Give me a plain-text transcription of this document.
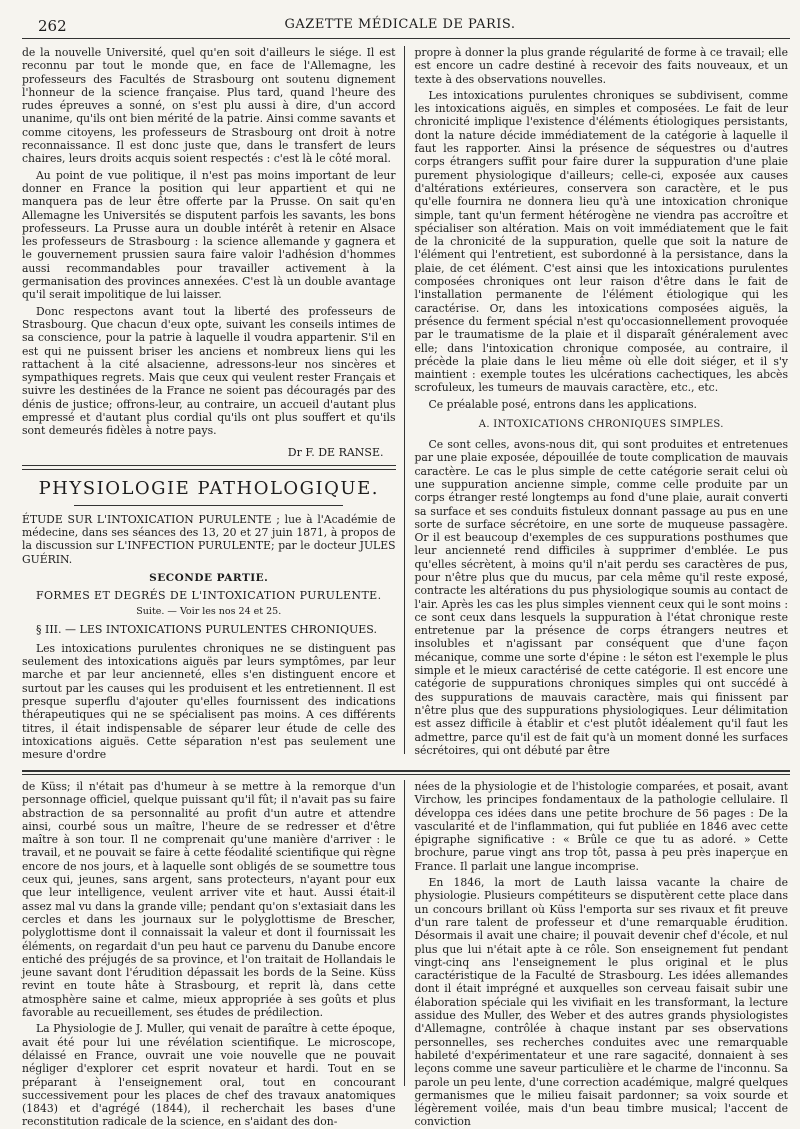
262	GAZETTE MÉDICALE DE PARIS.

de la nouvelle Université, quel qu'en soit d'ailleurs le siége. Il est reconnu par tout le monde que, en face de l'Allemagne, les professeurs des Facultés de Strasbourg ont soutenu dignement l'honneur de la science française. Plus tard, quand l'heure des rudes épreuves a sonné, on s'est plu aussi à dire, d'un accord unanime, qu'ils ont bien mérité de la patrie. Ainsi comme savants et comme citoyens, les professeurs de Strasbourg ont droit à notre reconnaissance. Il est donc juste que, dans le transfert de leurs chaires, leurs droits acquis soient respectés : c'est là le côté moral.

Au point de vue politique, il n'est pas moins important de leur donner en France la position qui leur appartient et qui ne manquera pas de leur être offerte par la Prusse. On sait qu'en Allemagne les Universités se disputent parfois les savants, les bons professeurs. La Prusse aura un double intérêt à retenir en Alsace les professeurs de Strasbourg : la science allemande y gagnera et le gouvernement prussien saura faire valoir l'adhésion d'hommes aussi recommandables pour travailler activement à la germanisation des provinces annexées. C'est là un double avantage qu'il serait impolitique de lui laisser.

Donc respectons avant tout la liberté des professeurs de Strasbourg. Que chacun d'eux opte, suivant les conseils intimes de sa conscience, pour la patrie à laquelle il voudra appartenir. S'il en est qui ne puissent briser les anciens et nombreux liens qui les rattachent à la cité alsacienne, adressons-leur nos sincères et sympathiques regrets. Mais que ceux qui veulent rester Français et suivre les destinées de la France ne soient pas découragés par des dénis de justice; offrons-leur, au contraire, un accueil d'autant plus empressé et d'autant plus cordial qu'ils ont plus souffert et qu'ils sont demeurés fidèles à notre pays.

Dr F. DE RANSE.
PHYSIOLOGIE PATHOLOGIQUE.

ÉTUDE SUR L'INTOXICATION PURULENTE ; lue à l'Académie de médecine, dans ses séances des 13, 20 et 27 juin 1871, à propos de la discussion sur L'INFECTION PURULENTE; par le docteur JULES GUÉRIN.

SECONDE PARTIE.
FORMES ET DEGRÉS DE L'INTOXICATION PURULENTE.
Suite. — Voir les nos 24 et 25.
§ III. — LES INTOXICATIONS PURULENTES CHRONIQUES.

Les intoxications purulentes chroniques ne se distinguent pas seulement des intoxications aiguës par leurs symptômes, par leur marche et par leur ancienneté, elles s'en distinguent encore et surtout par les causes qui les produisent et les entretiennent. Il est presque superflu d'ajouter qu'elles fournissent des indications thérapeutiques qui ne se spécialisent pas moins. A ces différents titres, il était indispensable de séparer leur étude de celle des intoxications aiguës. Cette séparation n'est pas seulement une mesure d'ordre

propre à donner la plus grande régularité de forme à ce travail; elle est encore un cadre destiné à recevoir des faits nouveaux, et un texte à des observations nouvelles.

Les intoxications purulentes chroniques se subdivisent, comme les intoxications aiguës, en simples et composées. Le fait de leur chronicité implique l'existence d'éléments étiologiques persistants, dont la nature décide immédiatement de la catégorie à laquelle il faut les rapporter. Ainsi la présence de séquestres ou d'autres corps étrangers suffit pour faire durer la suppuration d'une plaie purement physiologique d'ailleurs; celle-ci, exposée aux causes d'altérations extérieures, conservera son caractère, et le pus qu'elle fournira ne donnera lieu qu'à une intoxication chronique simple, tant qu'un ferment hétérogène ne viendra pas accroître et spécialiser son altération. Mais on voit immédiatement que le fait de la chronicité de la suppuration, quelle que soit la nature de l'élément qui l'entretient, est subordonné à la persistance, dans la plaie, de cet élément. C'est ainsi que les intoxications purulentes composées chroniques ont leur raison d'être dans le fait de l'installation permanente de l'élément étiologique qui les caractérise. Or, dans les intoxications composées aiguës, la présence du ferment spécial n'est qu'occasionnellement provoquée par le traumatisme de la plaie et il disparaît généralement avec elle; dans l'intoxication chronique composée, au contraire, il précède la plaie dans le lieu même où elle doit siéger, et il s'y maintient : exemple toutes les ulcérations cachectiques, les abcès scrofuleux, les tumeurs de mauvais caractère, etc., etc.

Ce préalable posé, entrons dans les applications.

A. INTOXICATIONS CHRONIQUES SIMPLES.

Ce sont celles, avons-nous dit, qui sont produites et entretenues par une plaie exposée, dépouillée de toute complication de mauvais caractère. Le cas le plus simple de cette catégorie serait celui où une suppuration ancienne simple, comme celle produite par un corps étranger resté longtemps au fond d'une plaie, aurait converti sa surface et ses conduits fistuleux donnant passage au pus en une sorte de surface sécrétoire, en une sorte de muqueuse passagère. Or il est beaucoup d'exemples de ces suppurations posthumes que leur ancienneté rend difficiles à supprimer d'emblée. Le pus qu'elles sécrètent, à moins qu'il n'ait perdu ses caractères de pus, pour n'être plus que du mucus, par cela même qu'il reste exposé, contracte les altérations du pus physiologique soumis au contact de l'air. Après les cas les plus simples viennent ceux qui le sont moins : ce sont ceux dans lesquels la suppuration à l'état chronique reste entretenue par la présence de corps étrangers neutres et insolubles et n'agissant par conséquent que d'une façon mécanique, comme une sorte d'épine : le séton est l'exemple le plus simple et le mieux caractérisé de cette catégorie. Il est encore une catégorie de suppurations chroniques simples qui ont succédé à des suppurations de mauvais caractère, mais qui finissent par n'être plus que des suppurations physiologiques. Leur délimitation est assez difficile à établir et c'est plutôt idéalement qu'il faut les admettre, parce qu'il est de fait qu'à un moment donné les surfaces sécrétoires, qui ont débuté par être

de Küss; il n'était pas d'humeur à se mettre à la remorque d'un personnage officiel, quelque puissant qu'il fût; il n'avait pas su faire abstraction de sa personnalité au profit d'un autre et attendre ainsi, courbé sous un maître, l'heure de se redresser et d'être maître à son tour. Il ne comprenait qu'une manière d'arriver : le travail, et ne pouvait se faire à cette féodalité scientifique qui règne encore de nos jours, et à laquelle sont obligés de se soumettre tous ceux qui, jeunes, sans argent, sans protecteurs, n'ayant pour eux que leur intelligence, veulent arriver vite et haut. Aussi était-il assez mal vu dans la grande ville; pendant qu'on s'extasiait dans les cercles et dans les journaux sur le polyglottisme de Brescher, polyglottisme dont il connaissait la valeur et dont il fournissait les éléments, on regardait d'un peu haut ce parvenu du Danube encore entiché des préjugés de sa province, et l'on traitait de Hollandais le jeune savant dont l'érudition dépassait les bords de la Seine. Küss revint en toute hâte à Strasbourg, et reprit là, dans cette atmosphère saine et calme, mieux appropriée à ses goûts et plus favorable au recueillement, ses études de prédilection.

La Physiologie de J. Muller, qui venait de paraître à cette époque, avait été pour lui une révélation scientifique. Le microscope, délaissé en France, ouvrait une voie nouvelle que ne pouvait négliger d'explorer cet esprit novateur et hardi. Tout en se préparant à l'enseignement oral, tout en concourant successivement pour les places de chef des travaux anatomiques (1843) et d'agrégé (1844), il recherchait les bases d'une reconstitution radicale de la science, en s'aidant des don-

nées de la physiologie et de l'histologie comparées, et posait, avant Virchow, les principes fondamentaux de la pathologie cellulaire. Il développa ces idées dans une petite brochure de 56 pages : De la vascularité et de l'inflammation, qui fut publiée en 1846 avec cette épigraphe significative : « Brûle ce que tu as adoré. » Cette brochure, parue vingt ans trop tôt, passa à peu près inaperçue en France. Il parlait une langue incomprise.

En 1846, la mort de Lauth laissa vacante la chaire de physiologie. Plusieurs compétiteurs se disputèrent cette place dans un concours brillant où Küss l'emporta sur ses rivaux et fit preuve d'un rare talent de professeur et d'une remarquable érudition. Désormais il avait une chaire; il pouvait devenir chef d'école, et nul plus que lui n'était apte à ce rôle. Son enseignement fut pendant vingt-cinq ans l'enseignement le plus original et le plus caractéristique de la Faculté de Strasbourg. Les idées allemandes dont il était imprégné et auxquelles son cerveau faisait subir une élaboration spéciale qui les vivifiait en les transformant, la lecture assidue des Muller, des Weber et des autres grands physiologistes d'Allemagne, contrôlée à chaque instant par ses observations personnelles, ses recherches conduites avec une remarquable habileté d'expérimentateur et une rare sagacité, donnaient à ses leçons comme une saveur particulière et le charme de l'inconnu. Sa parole un peu lente, d'une correction académique, malgré quelques germanismes que le milieu faisait pardonner; sa voix sourde et légèrement voilée, mais d'un beau timbre musical; l'accent de conviction
